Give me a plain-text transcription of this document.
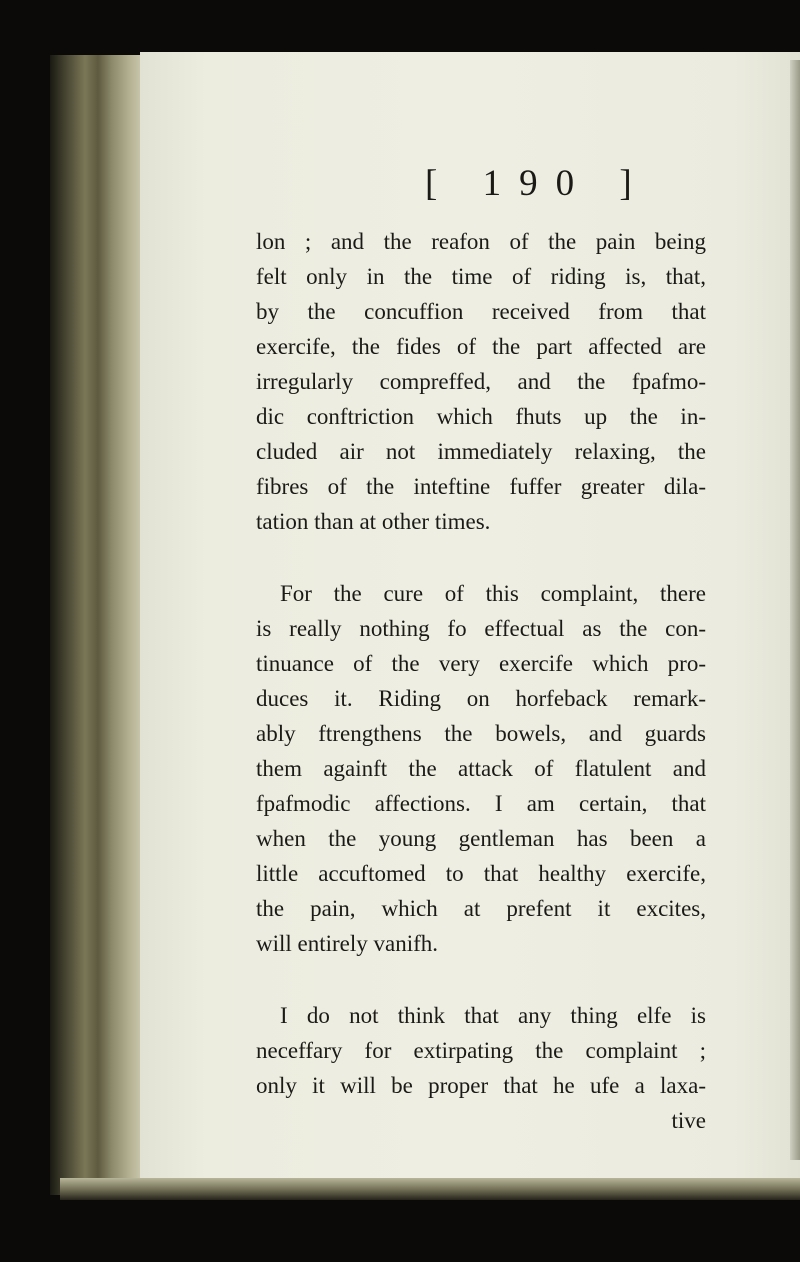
[ 190 ]
lon ; and the reafon of the pain being
felt only in the time of riding is, that,
by the concuffion received from that
exercife, the fides of the part affected are
irregularly compreffed, and the fpafmo-
dic conftriction which fhuts up the in-
cluded air not immediately relaxing, the
fibres of the inteftine fuffer greater dila-
tation than at other times.
For the cure of this complaint, there
is really nothing fo effectual as the con-
tinuance of the very exercife which pro-
duces it. Riding on horfeback remark-
ably ftrengthens the bowels, and guards
them againft the attack of flatulent and
fpafmodic affections. I am certain, that
when the young gentleman has been a
little accuftomed to that healthy exercife,
the pain, which at prefent it excites,
will entirely vanifh.
I do not think that any thing elfe is
neceffary for extirpating the complaint ;
only it will be proper that he ufe a laxa-
tive
